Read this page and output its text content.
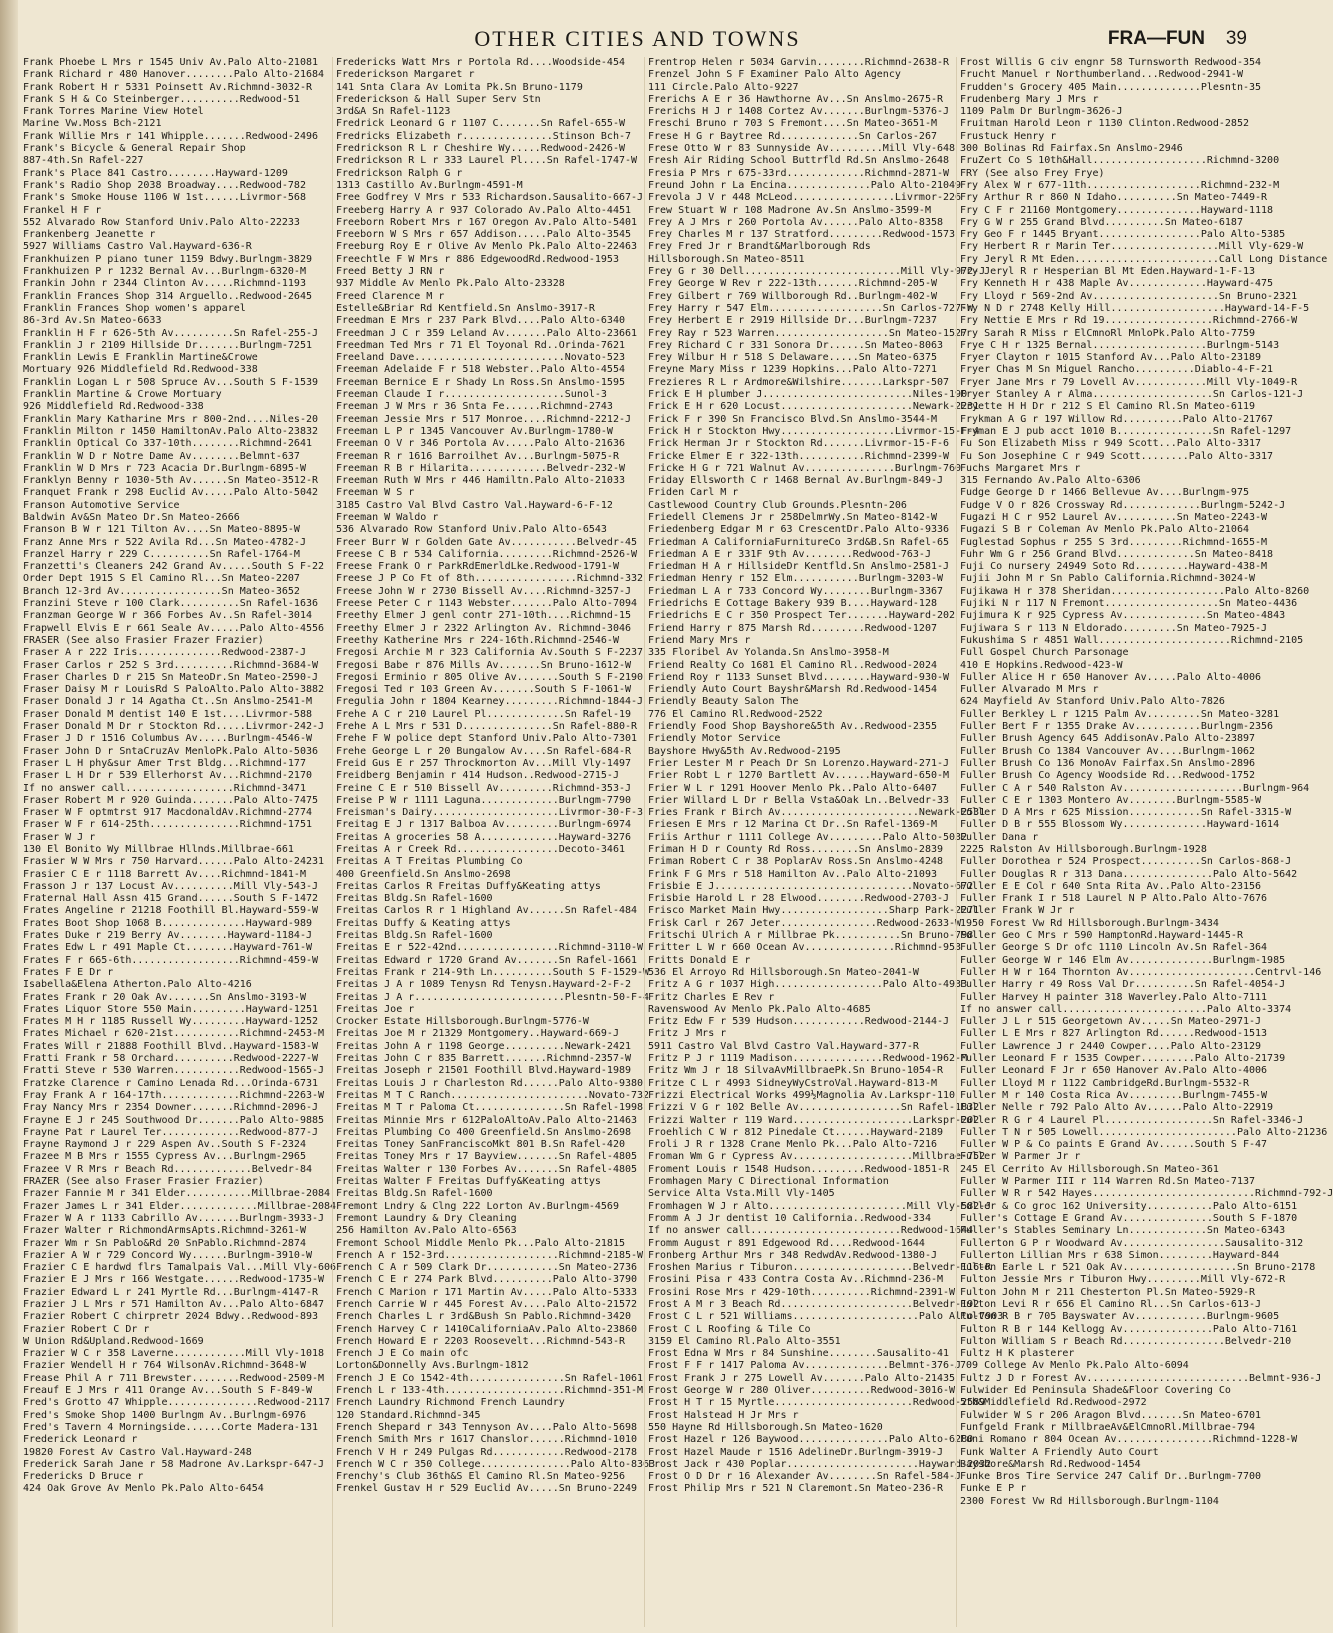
OTHER CITIES AND TOWNS	FRA—FUN 39
Frank Phoebe L Mrs r 1545 Univ Av.Palo Alto-21081
Frank Richard r 480 Hanover........Palo Alto-21684
Frank Robert H r 5331 Poinsett Av.Richmnd-3032-R
Frank S H & Co Steinberger..........Redwood-51
Frank Torres Marine View Hotel
Marine Vw.Moss Bch-2121
Frank Willie Mrs r 141 Whipple.......Redwood-2496
Frank's Bicycle & General Repair Shop
887-4th.Sn Rafel-227
Frank's Place 841 Castro........Hayward-1209
Frank's Radio Shop 2038 Broadway....Redwood-782
Frank's Smoke House 1106 W 1st......Livrmor-568
Frankel H F r
552 Alvarado Row Stanford Univ.Palo Alto-22233
Frankenberg Jeanette r
5927 Williams Castro Val.Hayward-636-R
Frankhuizen P piano tuner 1159 Bdwy.Burlngm-3829
Frankhuizen P r 1232 Bernal Av...Burlngm-6320-M
Frankin John r 2344 Clinton Av.....Richmnd-1193
Franklin Frances Shop 314 Arguello..Redwood-2645
Franklin Frances Shop women's apparel
86-3rd Av.Sn Mateo-6633
Franklin H F r 626-5th Av..........Sn Rafel-255-J
Franklin J r 2109 Hillside Dr.......Burlngm-7251
Franklin Lewis E Franklin Martine&Crowe
Mortuary 926 Middlefield Rd.Redwood-338
Franklin Logan L r 508 Spruce Av...South S F-1539
Franklin Martine & Crowe Mortuary
926 Middlefield Rd.Redwood-338
Franklin Mary Katharine Mrs r 800-2nd....Niles-20
Franklin Milton r 1450 HamiltonAv.Palo Alto-23832
Franklin Optical Co 337-10th........Richmnd-2641
Franklin W D r Notre Dame Av........Belmnt-637
Franklin W D Mrs r 723 Acacia Dr.Burlngm-6895-W
Franklyn Benny r 1030-5th Av......Sn Mateo-3512-R
Franquet Frank r 298 Euclid Av.....Palo Alto-5042
Franson Automotive Service
Baldwin Av&Sn Mateo Dr.Sn Mateo-2666
Franson B W r 121 Tilton Av....Sn Mateo-8895-W
Franz Anne Mrs r 522 Avila Rd...Sn Mateo-4782-J
Franzel Harry r 229 C..........Sn Rafel-1764-M
Franzetti's Cleaners 242 Grand Av.....South S F-22
Order Dept 1915 S El Camino Rl...Sn Mateo-2207
Branch 12-3rd Av.................Sn Mateo-3652
Franzini Steve r 100 Clark..........Sn Rafel-1636
Franzman George W r 366 Forbes Av..Sn Rafel-3014
Frapwell Elvis E r 661 Seale Av.....Palo Alto-4556
FRASER (See also Frasier Frazer Frazier)
Fraser A r 222 Iris..............Redwood-2387-J
Fraser Carlos r 252 S 3rd..........Richmnd-3684-W
Fraser Charles D r 215 Sn MateoDr.Sn Mateo-2590-J
Fraser Daisy M r LouisRd S PaloAlto.Palo Alto-3882
Fraser Donald J r 14 Agatha Ct..Sn Anslmo-2541-M
Fraser Donald M dentist 140 E 1st....Livrmor-588
Fraser Donald M Dr r Stockton Rd.....Livrmor-242-J
Fraser J D r 1516 Columbus Av.....Burlngm-4546-W
Fraser John D r SntaCruzAv MenloPk.Palo Alto-5036
Fraser L H phy&sur Amer Trst Bldg...Richmnd-177
Fraser L H Dr r 539 Ellerhorst Av...Richmnd-2170
If no answer call..................Richmnd-3471
Fraser Robert M r 920 Guinda.......Palo Alto-7475
Fraser W F optmtrst 917 MacdonaldAv.Richmnd-2774
Fraser W F r 614-25th...............Richmnd-1751
Fraser W J r
130 El Bonito Wy Millbrae Hllnds.Millbrae-661
Frasier W W Mrs r 750 Harvard......Palo Alto-24231
Frasier C E r 1118 Barrett Av....Richmnd-1841-M
Frasson J r 137 Locust Av..........Mill Vly-543-J
Fraternal Hall Assn 415 Grand......South S F-1472
Frates Angeline r 21218 Foothill Bl.Hayward-559-W
Frates Boot Shop 1068 B..............Hayward-989
Frates Duke r 219 Berry Av........Hayward-1184-J
Frates Edw L r 491 Maple Ct........Hayward-761-W
Frates F r 665-6th..................Richmnd-459-W
Frates F E Dr r
Isabella&Elena Atherton.Palo Alto-4216
Frates Frank r 20 Oak Av.......Sn Anslmo-3193-W
Frates Liquor Store 550 Main.........Hayward-1251
Frates M H r 1185 Russell Wy.........Hayward-1252
Frates Michael r 620-21st...........Richmnd-2453-M
Frates Will r 21888 Foothill Blvd..Hayward-1583-W
Fratti Frank r 58 Orchard..........Redwood-2227-W
Fratti Steve r 530 Warren...........Redwood-1565-J
Fratzke Clarence r Camino Lenada Rd...Orinda-6731
Fray Frank A r 164-17th.............Richmnd-2263-W
Fray Nancy Mrs r 2354 Downer.......Richmnd-2096-J
Frayne E J r 245 Southwood Dr.......Palo Alto-9885
Frayne Pat r Laurel Ter.............Redwood-877-J
Frayne Raymond J r 229 Aspen Av..South S F-2324
Frazee M B Mrs r 1555 Cypress Av...Burlngm-2965
Frazee V R Mrs r Beach Rd.............Belvedr-84
FRAZER (See also Fraser Frasier Frazier)
Frazer Fannie M r 341 Elder...........Millbrae-2084
Frazer James L r 341 Elder.............Millbrae-2084
Frazer W A r 1133 Cabrillo Av.......Burlngm-3933-J
Frazer Walter r RichmondArmsApts.Richmnd-3261-W
Frazer Wm r Sn Pablo&Rd 20 SnPablo.Richmnd-2874
Frazier A W r 729 Concord Wy......Burlngm-3910-W
Frazier C E hardwd flrs Tamalpais Val...Mill Vly-606
Frazier E J Mrs r 166 Westgate......Redwood-1735-W
Frazier Edward L r 241 Myrtle Rd...Burlngm-4147-R
Frazier J L Mrs r 571 Hamilton Av...Palo Alto-6847
Frazier Robert C chirpretr 2024 Bdwy..Redwood-893
Frazier Robert C Dr r
W Union Rd&Upland.Redwood-1669
Frazier W C r 358 Laverne............Mill Vly-1018
Frazier Wendell H r 764 WilsonAv.Richmnd-3648-W
Frease Phil A r 711 Brewster........Redwood-2509-M
Freauf E J Mrs r 411 Orange Av...South S F-849-W
Fred's Grotto 47 Whipple...............Redwood-2117
Fred's Smoke Shop 1400 Burlngm Av..Burlngm-6976
Fred's Tavern 4 Morningside......Corte Madera-131
Frederick Leonard r
19820 Forest Av Castro Val.Hayward-248
Frederick Sarah Jane r 58 Madrone Av.Larkspr-647-J
Fredericks D Bruce r
424 Oak Grove Av Menlo Pk.Palo Alto-6454
Fredericks Watt Mrs r Portola Rd....Woodside-454
Frederickson Margaret r
141 Snta Clara Av Lomita Pk.Sn Bruno-1179
Frederickson & Hall Super Serv Stn
3rd&A Sn Rafel-1123
Fredrick Leonard G r 1107 C.......Sn Rafel-655-W
Fredricks Elizabeth r...............Stinson Bch-7
Fredrickson R L r Cheshire Wy.....Redwood-2426-W
Fredrickson R L r 333 Laurel Pl....Sn Rafel-1747-W
Fredrickson Ralph G r
1313 Castillo Av.Burlngm-4591-M
Free Godfrey V Mrs r 533 Richardson.Sausalito-667-J
Freeberg Harry A r 937 Colorado Av.Palo Alto-4451
Freeborn Robert Mrs r 167 Oregon Av.Palo Alto-5401
Freeborn W S Mrs r 657 Addison.....Palo Alto-3545
Freeburg Roy E r Olive Av Menlo Pk.Palo Alto-22463
Freechtle F W Mrs r 886 EdgewoodRd.Redwood-1953
Freed Betty J RN r
937 Middle Av Menlo Pk.Palo Alto-23328
Freed Clarence M r
Estelle&Briar Rd Kentfield.Sn Anslmo-3917-R
Freedman E Mrs r 237 Park Blvd....Palo Alto-6340
Freedman J C r 359 Leland Av.......Palo Alto-23661
Freedman Ted Mrs r 71 El Toyonal Rd..Orinda-7621
Freeland Dave.........................Novato-523
Freeman Adelaide F r 518 Webster..Palo Alto-4554
Freeman Bernice E r Shady Ln Ross.Sn Anslmo-1595
Freeman Claude I r....................Sunol-3
Freeman J W Mrs r 36 Snta Fe......Richmnd-2743
Freeman Jessie Mrs r 517 Monroe....Richmnd-2212-J
Freeman L P r 1345 Vancouver Av.Burlngm-1780-W
Freeman O V r 346 Portola Av.....Palo Alto-21636
Freeman R r 1616 Barroilhet Av...Burlngm-5075-R
Freeman R B r Hilarita.............Belvedr-232-W
Freeman Ruth W Mrs r 446 Hamiltn.Palo Alto-21033
Freeman W S r
3185 Castro Val Blvd Castro Val.Hayward-6-F-12
Freeman W Waldo r
536 Alvarado Row Stanford Univ.Palo Alto-6543
Freer Burr W r Golden Gate Av...........Belvedr-45
Freese C B r 534 California.........Richmnd-2526-W
Freese Frank O r ParkRdEmerldLke.Redwood-1791-W
Freese J P Co Ft of 8th.................Richmnd-332
Freese John W r 2730 Bissell Av....Richmnd-3257-J
Freese Peter C r 1143 Webster.......Palo Alto-7094
Freethy Elmer J genl contr 271-10th....Richmnd-15
Freethy Elmer J r 2322 Arlington Av. Richmnd-3046
Freethy Katherine Mrs r 224-16th.Richmnd-2546-W
Fregosi Archie M r 323 California Av.South S F-2237
Fregosi Babe r 876 Mills Av.......Sn Bruno-1612-W
Fregosi Erminio r 805 Olive Av.......South S F-2190
Fregosi Ted r 103 Green Av.......South S F-1061-W
Fregulia John r 1804 Kearney.........Richmnd-1844-J
Frehe A C r 210 Laurel Pl.............Sn Rafel-19
Frehe A L Mrs r 531 D...............Sn Rafel-880-R
Frehe F W police dept Stanford Univ.Palo Alto-7301
Frehe George L r 20 Bungalow Av....Sn Rafel-684-R
Freid Gus E r 257 Throckmorton Av...Mill Vly-1497
Freidberg Benjamin r 414 Hudson..Redwood-2715-J
Freine C E r 510 Bissell Av.........Richmnd-353-J
Freise P W r 1111 Laguna.............Burlngm-7790
Freisman's Dairy.....................Livrmor-30-F-3
Freitag E J r 1317 Balboa Av.........Burlngm-6974
Freitas A groceries 58 A.............Hayward-3276
Freitas A r Creek Rd.................Decoto-3461
Freitas A T Freitas Plumbing Co
400 Greenfield.Sn Anslmo-2698
Freitas Carlos R Freitas Duffy&Keating attys
Freitas Bldg.Sn Rafel-1600
Freitas Carlos R r 1 Highland Av......Sn Rafel-484
Freitas Duffy & Keating attys
Freitas Bldg.Sn Rafel-1600
Freitas E r 522-42nd.................Richmnd-3110-W
Freitas Edward r 1720 Grand Av.......Sn Rafel-1661
Freitas Frank r 214-9th Ln..........South S F-1529-W
Freitas J A r 1089 Tenysn Rd Tenysn.Hayward-2-F-2
Freitas J A r.........................Plesntn-50-F-4
Freitas Joe r
Crocker Estate Hillsborough.Burlngm-5776-W
Freitas Joe M r 21329 Montgomery..Hayward-669-J
Freitas John A r 1198 George..........Newark-2421
Freitas John C r 835 Barrett.......Richmnd-2357-W
Freitas Joseph r 21501 Foothill Blvd.Hayward-1989
Freitas Louis J r Charleston Rd......Palo Alto-9380
Freitas M T C Ranch.......................Novato-732
Freitas M T r Paloma Ct...............Sn Rafel-1998
Freitas Minnie Mrs r 612PaloAltoAv.Palo Alto-21463
Freitas Plumbing Co 400 Greenfield.Sn Anslmo-2698
Freitas Toney SanFranciscoMkt 801 B.Sn Rafel-420
Freitas Toney Mrs r 17 Bayview.......Sn Rafel-4805
Freitas Walter r 130 Forbes Av.......Sn Rafel-4805
Freitas Walter F Freitas Duffy&Keating attys
Freitas Bldg.Sn Rafel-1600
Fremont Lndry & Clng 222 Lorton Av.Burlngm-4569
Fremont Laundry & Dry Cleaning
256 Hamilton Av.Palo Alto-6563
Fremont School Middle Menlo Pk...Palo Alto-21815
French A r 152-3rd...................Richmnd-2185-W
French C A r 509 Clark Dr............Sn Mateo-2736
French C E r 274 Park Blvd..........Palo Alto-3790
French C Marion r 171 Martin Av.....Palo Alto-5333
French Carrie W r 445 Forest Av....Palo Alto-21572
French Charles L r 3rd&Bush Sn Pablo.Richmnd-3420
French Harvey C r 1410CaliforniaAv.Palo Alto-23860
French Howard E r 2203 Roosevelt...Richmnd-543-R
French J E Co main ofc
Lorton&Donnelly Avs.Burlngm-1812
French J E Co 1542-4th................Sn Rafel-1061
French L r 133-4th....................Richmnd-351-M
French Laundry Richmond French Laundry
120 Standard.Richmnd-345
French Shepard r 343 Tennyson Av....Palo Alto-5698
French Smith Mrs r 1617 Chanslor......Richmnd-1010
French V H r 249 Pulgas Rd............Redwood-2178
French W C r 350 College...............Palo Alto-8363
Frenchy's Club 36th&S El Camino Rl.Sn Mateo-9256
Frenkel Gustav H r 529 Euclid Av.....Sn Bruno-2249
Frentrop Helen r 5034 Garvin........Richmnd-2638-R
Frenzel John S F Examiner Palo Alto Agency
111 Circle.Palo Alto-9227
Frerichs A E r 36 Hawthorne Av...Sn Anslmo-2675-R
Frerichs H J r 1408 Cortez Av.......Burlngm-5376-J
Freschi Bruno r 703 S Fremont....Sn Mateo-3651-M
Frese H G r Baytree Rd.............Sn Carlos-267
Frese Otto W r 83 Sunnyside Av.........Mill Vly-648
Fresh Air Riding School Buttrfld Rd.Sn Anslmo-2648
Fresia P Mrs r 675-33rd.............Richmnd-2871-W
Freund John r La Encina..............Palo Alto-21049
Frevola J V r 448 McLeod.................Livrmor-226
Frew Stuart W r 108 Madrone Av.Sn Anslmo-3599-M
Frey A J Mrs r 260 Portola Av......Palo Alto-8358
Frey Charles M r 137 Stratford.........Redwood-1573
Frey Fred Jr r Brandt&Marlborough Rds
Hillsborough.Sn Mateo-8511
Frey G r 30 Dell..........................Mill Vly-972-J
Frey George W Rev r 222-13th.......Richmnd-205-W
Frey Gilbert r 769 Willborough Rd..Burlngm-402-W
Frey Harry r 547 Elm...................Sn Carlos-727-W
Frey Herbert E r 2919 Hillside Dr...Burlngm-7237
Frey Ray r 523 Warren...................Sn Mateo-1527
Frey Richard C r 331 Sonora Dr......Sn Mateo-8063
Frey Wilbur H r 518 S Delaware.....Sn Mateo-6375
Freyne Mary Miss r 1239 Hopkins...Palo Alto-7271
Frezieres R L r Ardmore&Wilshire.......Larkspr-507
Frick E H plumber J.........................Niles-190
Frick E H r 620 Locust......................Newark-2231
Frick F r 390 Sn Francisco Blvd.Sn Anslmo-3544-M
Frick H r Stockton Hwy...................Livrmor-15-F-4
Frick Herman Jr r Stockton Rd.......Livrmor-15-F-6
Fricke Elmer E r 322-13th...........Richmnd-2399-W
Fricke H G r 721 Walnut Av...............Burlngm-760
Friday Ellsworth C r 1468 Bernal Av.Burlngm-849-J
Friden Carl M r
Castlewood Country Club Grounds.Plesntn-206
Friedell Clemens Jr r 258DelmrWy.Sn Mateo-8142-W
Friedenberg Edgar M r 63 CrescentDr.Palo Alto-9336
Friedman A CaliforniaFurnitureCo 3rd&B.Sn Rafel-65
Friedman A E r 331F 9th Av........Redwood-763-J
Friedman H A r HillsideDr Kentfld.Sn Anslmo-2581-J
Friedman Henry r 152 Elm...........Burlngm-3203-W
Friedman L A r 733 Concord Wy........Burlngm-3367
Friedrichs E Cottage Bakery 939 B....Hayward-128
Friedrichs E C r 350 Prospect Ter.......Hayward-202
Friend Harry r 875 Marsh Rd.........Redwood-1207
Friend Mary Mrs r
335 Floribel Av Yolanda.Sn Anslmo-3958-M
Friend Realty Co 1681 El Camino Rl..Redwood-2024
Friend Roy r 1133 Sunset Blvd........Hayward-930-W
Friendly Auto Court Bayshr&Marsh Rd.Redwood-1454
Friendly Beauty Salon The
776 El Camino Rl.Redwood-2522
Friendly Food Shop Bayshore&5th Av..Redwood-2355
Friendly Motor Service
Bayshore Hwy&5th Av.Redwood-2195
Frier Lester M r Peach Dr Sn Lorenzo.Hayward-271-J
Frier Robt L r 1270 Bartlett Av......Hayward-650-M
Frier W L r 1291 Hoover Menlo Pk..Palo Alto-6407
Frier Willard L Dr r Bella Vsta&Oak Ln..Belvedr-33
Fries Frank r Birch Av.......................Newark-2531
Friesen E Mrs r 12 Marina Ct Dr..Sn Rafel-1369-M
Friis Arthur r 1111 College Av.........Palo Alto-5032
Friman H D r County Rd Ross........Sn Anslmo-2839
Friman Robert C r 38 PoplarAv Ross.Sn Anslmo-4248
Frink F G Mrs r 518 Hamilton Av..Palo Alto-21093
Frisbie E J.................................Novato-672
Frisbie Harold L r 28 Elwood........Redwood-2703-J
Frisco Market Main Hwy..................Sharp Park-2271
Frisk Carl r 267 Jeter................Redwood-2633-W
Fritschi Ulrich A r Millbrae Pk...........Sn Bruno-798
Fritter L W r 660 Ocean Av...............Richmnd-953
Fritts Donald E r
536 El Arroyo Rd Hillsborough.Sn Mateo-2041-W
Fritz A G r 1037 High..................Palo Alto-4933
Fritz Charles E Rev r
Ravenswood Av Menlo Pk.Palo Alto-4685
Fritz Edw F r 539 Hudson............Redwood-2144-J
Fritz J Mrs r
5911 Castro Val Blvd Castro Val.Hayward-377-R
Fritz P J r 1119 Madison...............Redwood-1962-M
Fritz Wm J r 18 SilvaAvMillbraePk.Sn Bruno-1054-R
Fritze C L r 4993 SidneyWyCstroVal.Hayward-813-M
Frizzi Electrical Works 499½Magnolia Av.Larkspr-110
Frizzi V G r 102 Belle Av.................Sn Rafel-1832
Frizzi Walter r 119 Ward....................Larkspr-202
Froehlich C W r 812 Pinedale Ct......Hayward-2189
Froli J R r 1328 Crane Menlo Pk...Palo Alto-7216
Froman Wm G r Cypress Av....................Millbrae-752
Froment Louis r 1548 Hudson.........Redwood-1851-R
Fromhagen Mary C Directional Information
Service Alta Vsta.Mill Vly-1405
Fromhagen W J r Alto.......................Mill Vly-582-J
Fromm A J Jr dentist 10 California..Redwood-334
If no answer call.........................Redwood-1644
Fromm August r 891 Edgewood Rd....Redwood-1644
Fronberg Arthur Mrs r 348 RedwdAv.Redwood-1380-J
Froshen Marius r Tiburon....................Belvedr-116-R
Frosini Pisa r 433 Contra Costa Av..Richmnd-236-M
Frosini Rose Mrs r 429-10th..........Richmnd-2391-W
Frost A M r 3 Beach Rd......................Belvedr-192
Frost C L r 521 Williams.....................Palo Alto-7903
Frost C L Roofing & Tile Co
3159 El Camino Rl.Palo Alto-3551
Frost Edna W Mrs r 84 Sunshine........Sausalito-41
Frost F F r 1417 Paloma Av..............Belmnt-376-J
Frost Frank J r 275 Lowell Av.......Palo Alto-21435
Frost George W r 280 Oliver..........Redwood-3016-W
Frost H T r 15 Myrtle.......................Redwood-2589
Frost Halstead H Jr Mrs r
550 Hayne Rd Hillsborough.Sn Mateo-1620
Frost Hazel r 126 Baywood...............Palo Alto-6280
Frost Hazel Maude r 1516 AdelineDr.Burlngm-3919-J
Frost Jack r 430 Poplar......................Hayward-2032
Frost O D Dr r 16 Alexander Av........Sn Rafel-584-J
Frost Philip Mrs r 521 N Claremont.Sn Mateo-236-R
Frost Willis G civ engnr 58 Turnsworth Redwood-354
Frucht Manuel r Northumberland...Redwood-2941-W
Frudden's Grocery 405 Main..............Plesntn-35
Frudenberg Mary J Mrs r
1109 Palm Dr Burlngm-3626-J
Fruitman Harold Leon r 1130 Clinton.Redwood-2852
Frustuck Henry r
300 Bolinas Rd Fairfax.Sn Anslmo-2946
FruZert Co S 10th&Hall...................Richmnd-3200
FRY (See also Frey Frye)
Fry Alex W r 677-11th...................Richmnd-232-M
Fry Arthur R r 860 N Idaho..........Sn Mateo-7449-R
Fry C F r 21160 Montgomery..............Hayward-1118
Fry G W r 255 Grand Blvd..........Sn Mateo-6187
Fry Geo F r 1445 Bryant.................Palo Alto-5385
Fry Herbert R r Marin Ter..................Mill Vly-629-W
Fry Jeryl R Mt Eden........................Call Long Distance
Fry Jeryl R r Hesperian Bl Mt Eden.Hayward-1-F-13
Fry Kenneth H r 438 Maple Av.............Hayward-475
Fry Lloyd r 569-2nd Av.....................Sn Bruno-2321
Fry N D r 2748 Kelly Hill...................Hayward-14-F-5
Fry Nettie E Mrs r Rd 19..................Richmnd-2766-W
Fry Sarah R Miss r ElCmnoRl MnloPk.Palo Alto-7759
Frye C H r 1325 Bernal...................Burlngm-5143
Fryer Clayton r 1015 Stanford Av...Palo Alto-23189
Fryer Chas M Sn Miguel Rancho..........Diablo-4-F-21
Fryer Jane Mrs r 79 Lovell Av............Mill Vly-1049-R
Fryer Stanley A r Alma....................Sn Carlos-121-J
Fryette H H Dr r 212 S El Camino Rl.Sn Mateo-6119
Frykman A G r 197 Willow Rd..........Palo Alto-21767
Fryman E J pub acct 1010 B................Sn Rafel-1297
Fu Son Elizabeth Miss r 949 Scott...Palo Alto-3317
Fu Son Josephine C r 949 Scott........Palo Alto-3317
Fuchs Margaret Mrs r
315 Fernando Av.Palo Alto-6306
Fudge George D r 1466 Bellevue Av....Burlngm-975
Fudge V O r 826 Crossway Rd.............Burlngm-5242-J
Fugazi H C r 952 Laurel Av..........Sn Mateo-2243-W
Fugazi S B r Coleman Av Menlo Pk.Palo Alto-21064
Fuglestad Sophus r 255 S 3rd.........Richmnd-1655-M
Fuhr Wm G r 256 Grand Blvd.............Sn Mateo-8418
Fuji Co nursery 24949 Soto Rd.........Hayward-438-M
Fujii John M r Sn Pablo California.Richmnd-3024-W
Fujikawa H r 378 Sheridan...................Palo Alto-8260
Fujiki N r 117 N Fremont...................Sn Mateo-4436
Fujimura K r 925 Cypress Av..............Sn Mateo-4843
Fujiwara S r 113 N Eldorado.........Sn Mateo-7925-J
Fukushima S r 4851 Wall......................Richmnd-2105
Full Gospel Church Parsonage
410 E Hopkins.Redwood-423-W
Fuller Alice H r 650 Hanover Av.....Palo Alto-4006
Fuller Alvarado M Mrs r
624 Mayfield Av Stanford Univ.Palo Alto-7826
Fuller Berkley L r 1215 Palm Av.........Sn Mateo-3281
Fuller Bert F r 1355 Drake Av...........Burlngm-2356
Fuller Brush Agency 645 AddisonAv.Palo Alto-23897
Fuller Brush Co 1384 Vancouver Av....Burlngm-1062
Fuller Brush Co 136 MonoAv Fairfax.Sn Anslmo-2896
Fuller Brush Co Agency Woodside Rd...Redwood-1752
Fuller C A r 540 Ralston Av....................Burlngm-964
Fuller C E r 1303 Montero Av........Burlngm-5585-W
Fuller D A Mrs r 625 Mission............Sn Rafel-3315-W
Fuller D B r 555 Blossom Wy..............Hayward-1614
Fuller Dana r
2225 Ralston Av Hillsborough.Burlngm-1928
Fuller Dorothea r 524 Prospect..........Sn Carlos-868-J
Fuller Douglas R r 313 Dana...............Palo Alto-5642
Fuller E E Col r 640 Snta Rita Av..Palo Alto-23156
Fuller Frank I r 518 Laurel N P Alto.Palo Alto-7676
Fuller Frank W Jr r
1950 Forest Vw Rd Hillsborough.Burlngm-3434
Fuller Geo C Mrs r 590 HamptonRd.Hayward-1445-R
Fuller George S Dr ofc 1110 Lincoln Av.Sn Rafel-364
Fuller George W r 146 Elm Av..............Burlngm-1985
Fuller H W r 164 Thornton Av.....................Centrvl-146
Fuller Harry r 49 Ross Val Dr..........Sn Rafel-4054-J
Fuller Harvey H painter 318 Waverley.Palo Alto-7111
If no answer call........................Palo Alto-3374
Fuller J L r 515 Georgetown Av.....Sn Mateo-2971-J
Fuller L E Mrs r 827 Arlington Rd......Redwood-1513
Fuller Lawrence J r 2440 Cowper....Palo Alto-23129
Fuller Leonard F r 1535 Cowper.........Palo Alto-21739
Fuller Leonard F Jr r 650 Hanover Av.Palo Alto-4006
Fuller Lloyd M r 1122 CambridgeRd.Burlngm-5532-R
Fuller M r 140 Costa Rica Av.........Burlngm-7455-W
Fuller Nelle r 792 Palo Alto Av......Palo Alto-22919
Fuller R G r 4 Laurel Pl..................Sn Rafel-3346-J
Fuller T N r 505 Lowell.......................Palo Alto-21236
Fuller W P & Co paints E Grand Av......South S F-47
Fuller W Parmer Jr r
245 El Cerrito Av Hillsborough.Sn Mateo-361
Fuller W Parmer III r 114 Warren Rd.Sn Mateo-7137
Fuller W R r 542 Hayes...........................Richmnd-792-J
Fuller & Co groc 162 University...........Palo Alto-6151
Fuller's Cottage E Grand Av...............South S F-1870
Fuller's Stables Seminary Ln.............Sn Mateo-6343
Fullerton G P r Woodward Av.................Sausalito-312
Fullerton Lillian Mrs r 638 Simon.........Hayward-844
Fulton Earle L r 521 Oak Av...................Sn Bruno-2178
Fulton Jessie Mrs r Tiburon Hwy.........Mill Vly-672-R
Fulton John M r 211 Chesterton Pl.Sn Mateo-5929-R
Fulton Levi R r 656 El Camino Rl...Sn Carlos-613-J
Fulton R B r 705 Bayswater Av............Burlngm-9605
Fulton R B r 144 Kellogg Av...............Palo Alto-7161
Fulton William S r Beach Rd.................Belvedr-210
Fultz H K plasterer
709 College Av Menlo Pk.Palo Alto-6094
Fultz J D r Forest Av...........................Belmnt-936-J
Fulwider Ed Peninsula Shade&Floor Covering Co
5th&Middlefield Rd.Redwood-2972
Fulwider W S r 206 Aragon Blvd.......Sn Mateo-6701
Funfgeld Frank r MillbraeAv&ElCmnoRl.Millbrae-794
Funi Romano r 804 Ocean Av................Richmnd-1228-W
Funk Walter A Friendly Auto Court
Bayshore&Marsh Rd.Redwood-1454
Funke Bros Tire Service 247 Calif Dr..Burlngm-7700
Funke E P r
2300 Forest Vw Rd Hillsborough.Burlngm-1104
